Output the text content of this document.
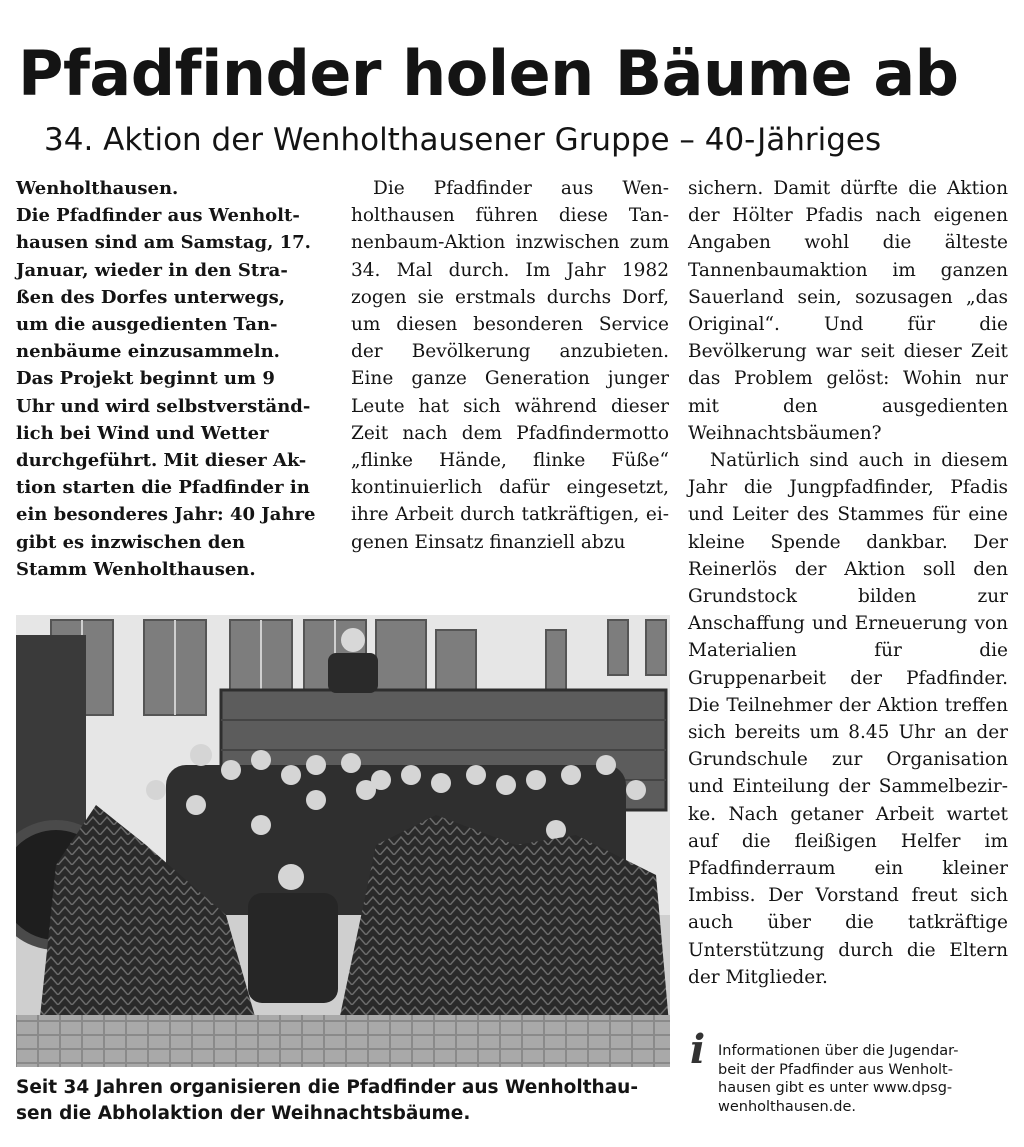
Pfadfinder holen Bäume ab
34. Aktion der Wenholthausener Gruppe – 40-Jähriges

Wenholthausen.
Die Pfadfinder aus Wenholt-
hausen sind am Samstag, 17.
Januar, wieder in den Stra-
ßen des Dorfes unterwegs,
um die ausgedienten Tan-
nenbäume einzusammeln.
Das Projekt beginnt um 9
Uhr und wird selbstverständ-
lich bei Wind und Wetter
durchgeführt. Mit dieser Ak-
tion starten die Pfadfinder in
ein besonderes Jahr: 40 Jahre
gibt es inzwischen den
Stamm Wenholthausen.

Die Pfadfinder aus Wenholthausen führen diese Tannenbaum-Aktion inzwischen zum 34. Mal durch. Im Jahr 1982 zogen sie erstmals durchs Dorf, um diesen besonderen Service der Bevölkerung anzubieten. Eine ganze Generation junger Leute hat sich während dieser Zeit nach dem Pfadfindermotto „flinke Hände, flinke Füße“ kontinuierlich dafür eingesetzt, ihre Arbeit durch tatkräftigen, eigenen Einsatz finanziell abzu

sichern. Damit dürfte die Aktion der Hölter Pfadis nach eigenen Angaben wohl die älteste Tannenbaumaktion im ganzen Sauerland sein, sozusagen „das Original“. Und für die Bevölkerung war seit dieser Zeit das Problem gelöst: Wohin nur mit den ausgedienten Weihnachtsbäumen?

Natürlich sind auch in diesem Jahr die Jungpfadfinder, Pfadis und Leiter des Stammes für eine kleine Spende dankbar. Der Reinerlös der Aktion soll den Grundstock bilden zur Anschaffung und Erneuerung von Materialien für die Gruppenarbeit der Pfadfinder. Die Teilnehmer der Aktion treffen sich bereits um 8.45 Uhr an der Grundschule zur Organisation und Einteilung der Sammelbezirke. Nach getaner Arbeit wartet auf die fleißigen Helfer im Pfadfinderraum ein kleiner Imbiss. Der Vorstand freut sich auch über die tatkräftige Unterstützung durch die Eltern der Mitglieder.

Seit 34 Jahren organisieren die Pfadfinder aus Wenholthau-
sen die Abholaktion der Weihnachtsbäume.

i Informationen über die Jugendar-
beit der Pfadfinder aus Wenholt-
hausen gibt es unter www.dpsg-
wenholthausen.de.
